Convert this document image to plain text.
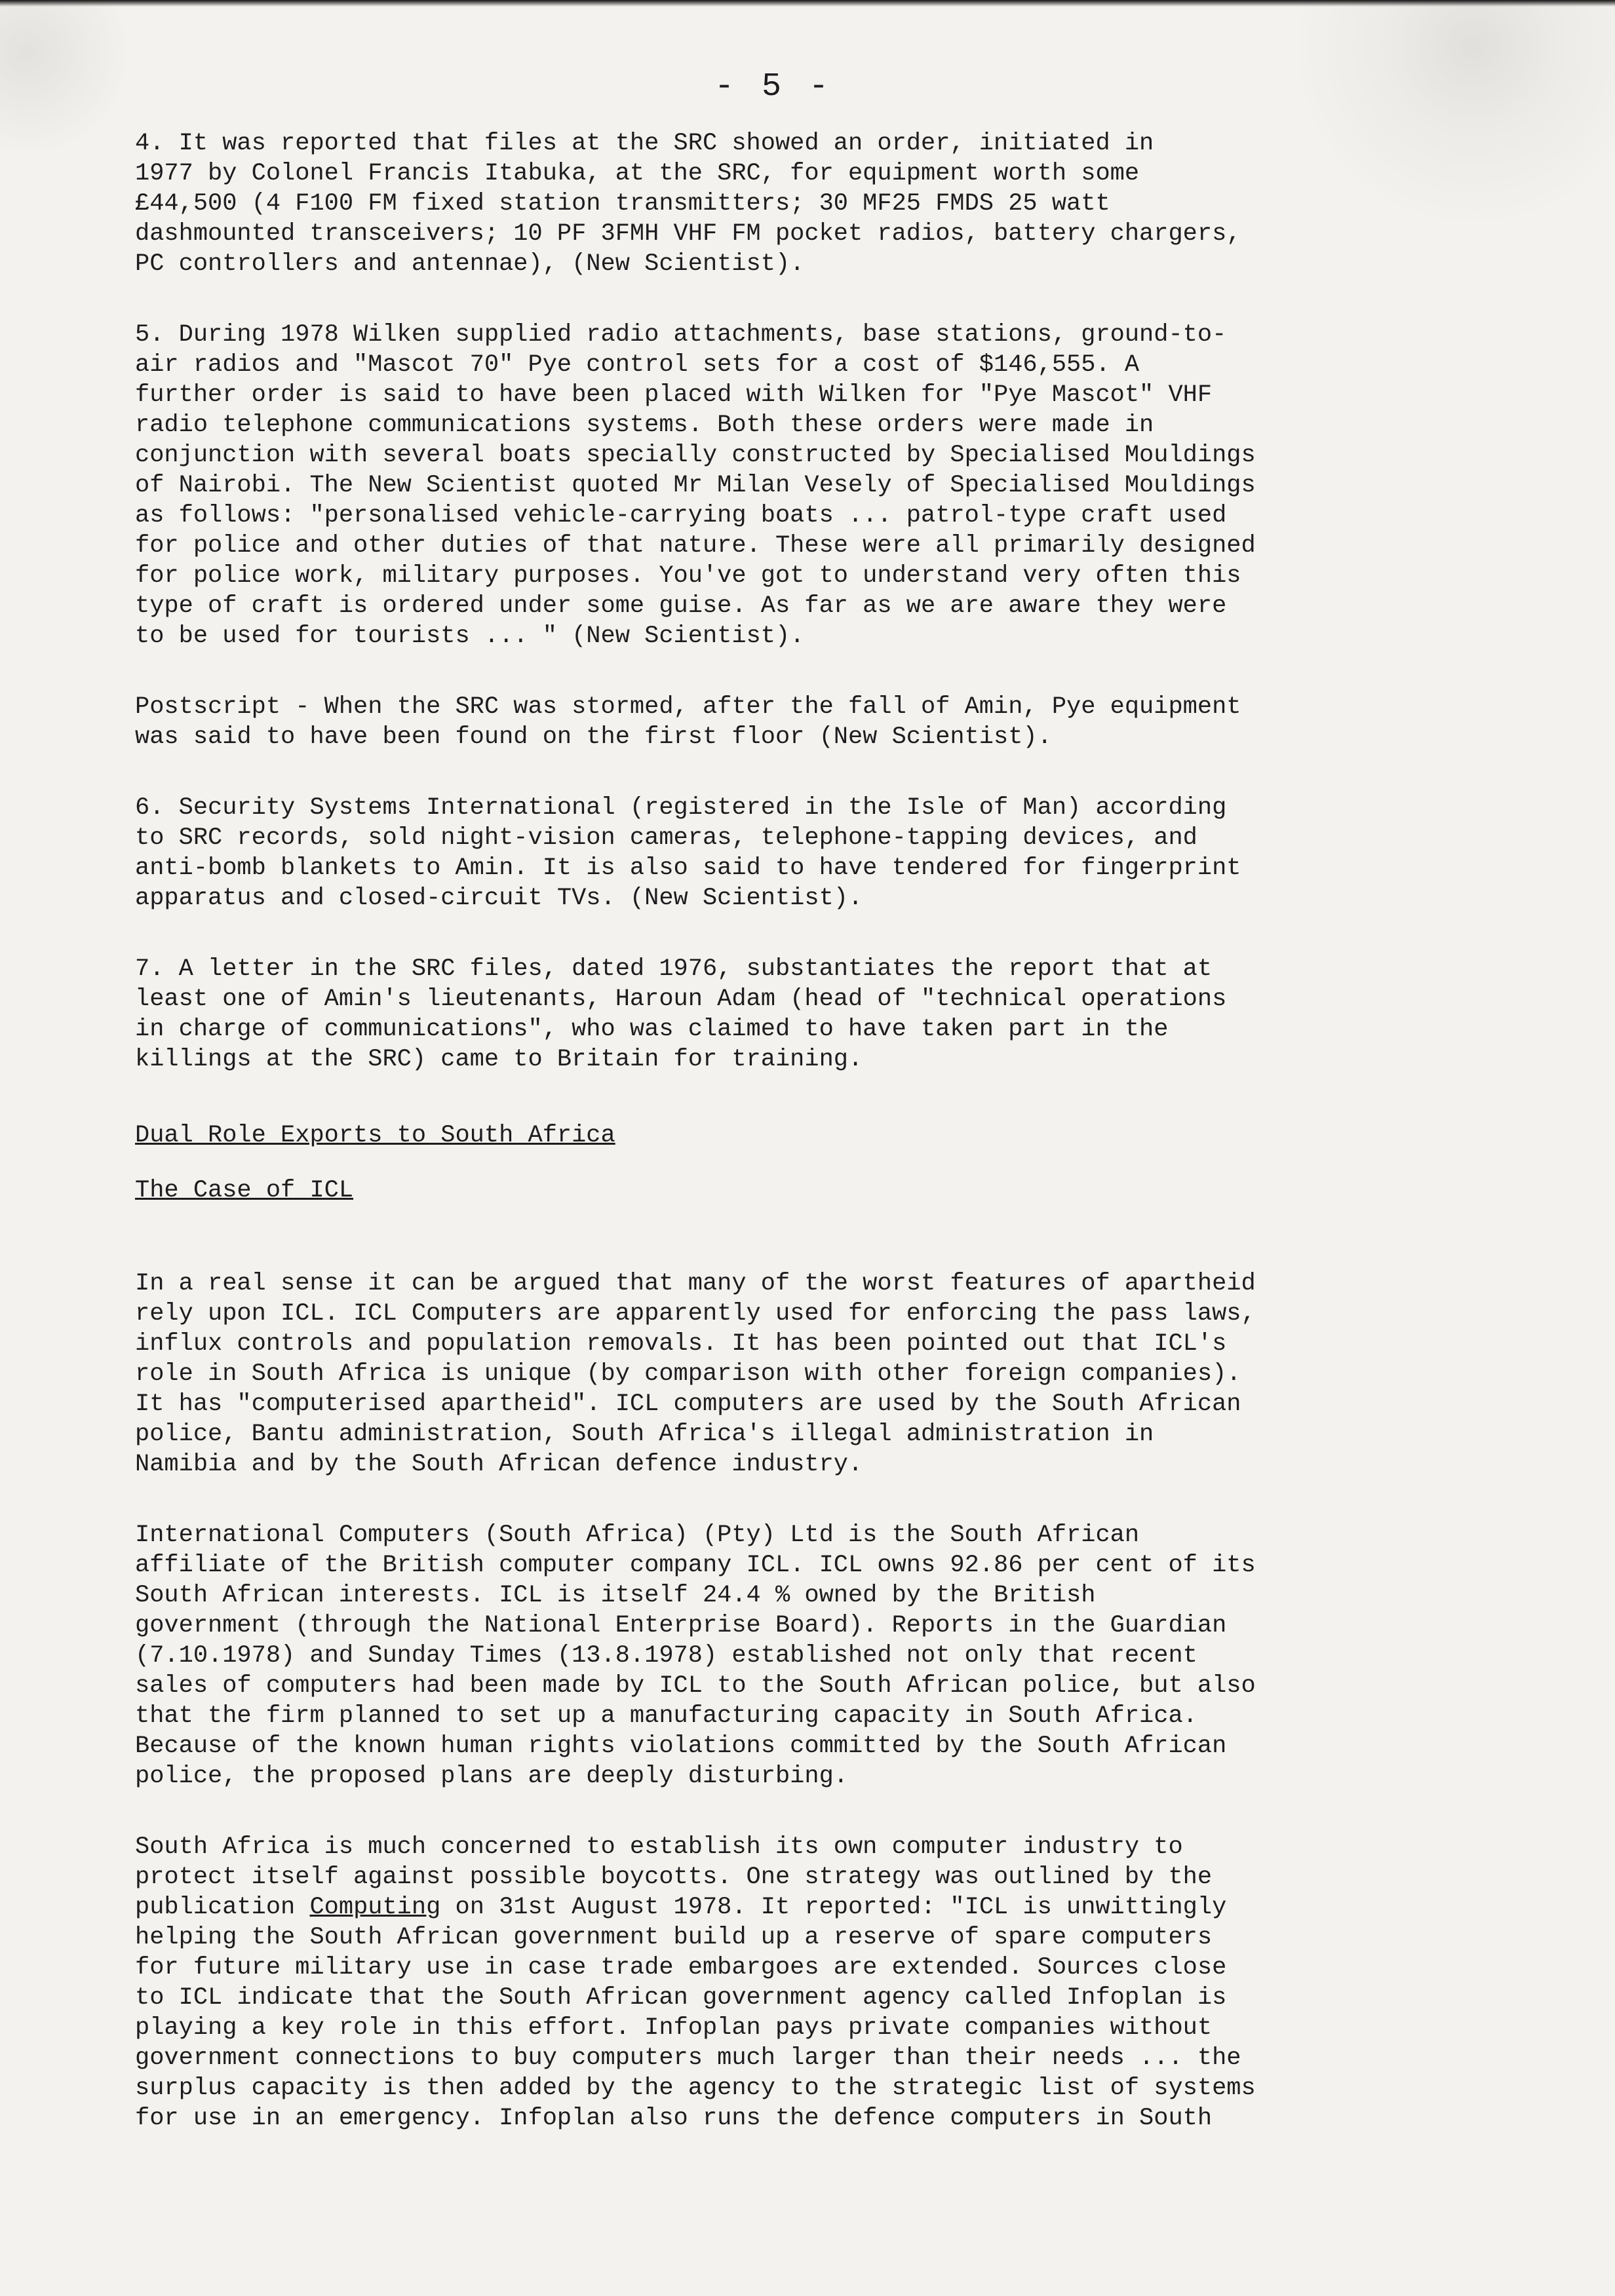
- 5 -

4. It was reported that files at the SRC showed an order, initiated in
1977 by Colonel Francis Itabuka, at the SRC, for equipment worth some
£44,500 (4 F100 FM fixed station transmitters; 30 MF25 FMDS 25 watt
dashmounted transceivers; 10 PF 3FMH VHF FM pocket radios, battery chargers,
PC controllers and antennae), (New Scientist).

5. During 1978 Wilken supplied radio attachments, base stations, ground-to-
air radios and "Mascot 70" Pye control sets for a cost of $146,555. A
further order is said to have been placed with Wilken for "Pye Mascot" VHF
radio telephone communications systems. Both these orders were made in
conjunction with several boats specially constructed by Specialised Mouldings
of Nairobi. The New Scientist quoted Mr Milan Vesely of Specialised Mouldings
as follows: "personalised vehicle-carrying boats ... patrol-type craft used
for police and other duties of that nature. These were all primarily designed
for police work, military purposes. You've got to understand very often this
type of craft is ordered under some guise. As far as we are aware they were
to be used for tourists ... " (New Scientist).

Postscript - When the SRC was stormed, after the fall of Amin, Pye equipment
was said to have been found on the first floor (New Scientist).

6. Security Systems International (registered in the Isle of Man) according
to SRC records, sold night-vision cameras, telephone-tapping devices, and
anti-bomb blankets to Amin. It is also said to have tendered for fingerprint
apparatus and closed-circuit TVs. (New Scientist).

7. A letter in the SRC files, dated 1976, substantiates the report that at
least one of Amin's lieutenants, Haroun Adam (head of "technical operations
in charge of communications", who was claimed to have taken part in the
killings at the SRC) came to Britain for training.

Dual Role Exports to South Africa
The Case of ICL

In a real sense it can be argued that many of the worst features of apartheid
rely upon ICL. ICL Computers are apparently used for enforcing the pass laws,
influx controls and population removals. It has been pointed out that ICL's
role in South Africa is unique (by comparison with other foreign companies).
It has "computerised apartheid". ICL computers are used by the South African
police, Bantu administration, South Africa's illegal administration in
Namibia and by the South African defence industry.

International Computers (South Africa) (Pty) Ltd is the South African
affiliate of the British computer company ICL. ICL owns 92.86 per cent of its
South African interests. ICL is itself 24.4 % owned by the British
government (through the National Enterprise Board). Reports in the Guardian
(7.10.1978) and Sunday Times (13.8.1978) established not only that recent
sales of computers had been made by ICL to the South African police, but also
that the firm planned to set up a manufacturing capacity in South Africa.
Because of the known human rights violations committed by the South African
police, the proposed plans are deeply disturbing.

South Africa is much concerned to establish its own computer industry to
protect itself against possible boycotts. One strategy was outlined by the
publication Computing on 31st August 1978. It reported: "ICL is unwittingly
helping the South African government build up a reserve of spare computers
for future military use in case trade embargoes are extended. Sources close
to ICL indicate that the South African government agency called Infoplan is
playing a key role in this effort. Infoplan pays private companies without
government connections to buy computers much larger than their needs ... the
surplus capacity is then added by the agency to the strategic list of systems
for use in an emergency. Infoplan also runs the defence computers in South
